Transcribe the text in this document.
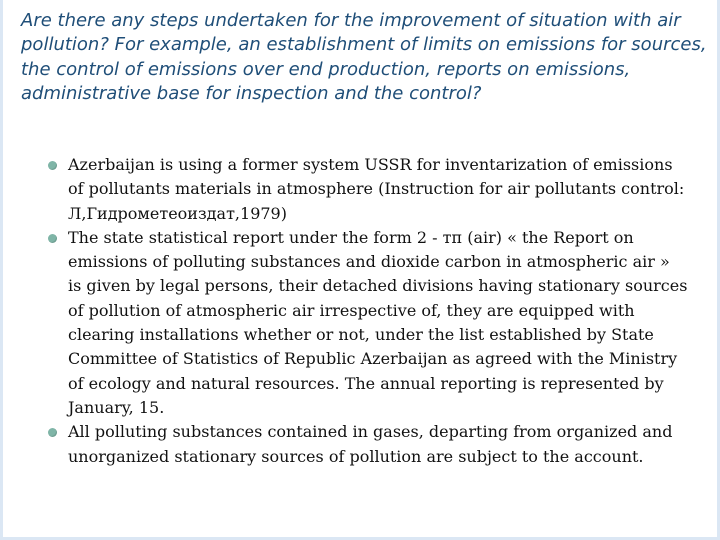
Are there any steps undertaken for the improvement of situation with air pollution? For example, an establishment of limits on emissions for sources, the control of emissions over end production, reports on emissions, administrative base for inspection and the control?
Azerbaijan is using a former system USSR for inventarization of emissions of pollutants materials in atmosphere (Instruction for air pollutants control: Л,Гидрометеоиздат,1979)
The state statistical report under the form 2 - тп (air) « the Report on emissions of polluting substances and dioxide carbon in atmospheric air » is given by legal persons, their detached divisions having stationary sources of pollution of atmospheric air irrespective of, they are equipped with clearing installations whether or not, under the list established by State Committee of Statistics of Republic Azerbaijan as agreed with the Ministry of ecology and natural resources. The annual reporting is represented by January, 15.
All polluting substances contained in gases, departing from organized and unorganized stationary sources of pollution are subject to the account.
